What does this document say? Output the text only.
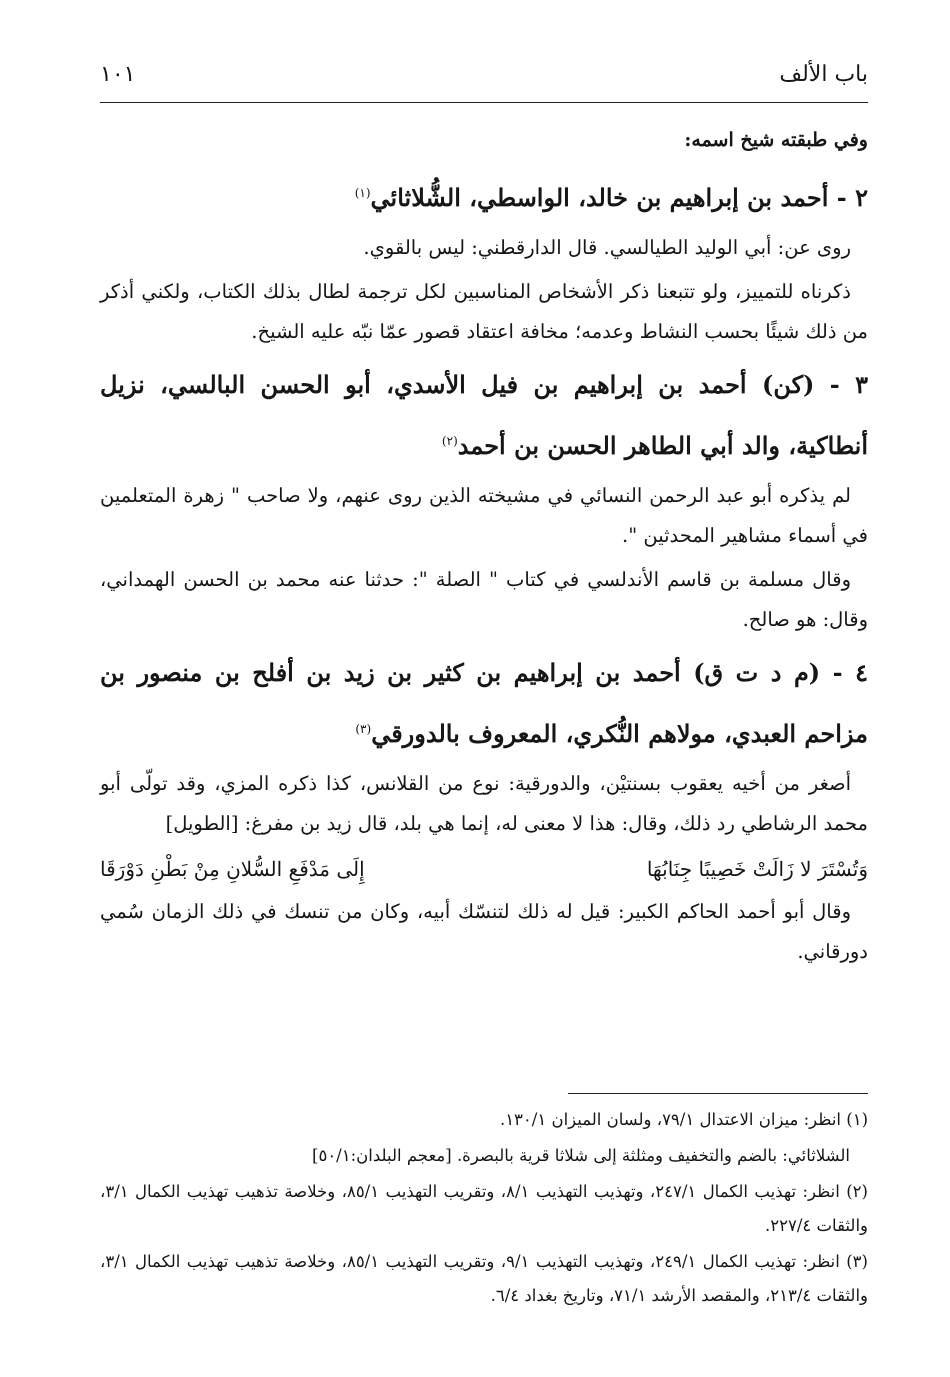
باب الألف
١٠١

وفي طبقته شيخ اسمه:

٢ - أحمد بن إبراهيم بن خالد، الواسطي، الشُّلاثائي$^{(١)}$

روى عن: أبي الوليد الطيالسي. قال الدارقطني: ليس بالقوي.

ذكرناه للتمييز، ولو تتبعنا ذكر الأشخاص المناسبين لكل ترجمة لطال بذلك الكتاب، ولكني أذكر من ذلك شيئًا بحسب النشاط وعدمه؛ مخافة اعتقاد قصور عمّا نبّه عليه الشيخ.

٣ - (كن) أحمد بن إبراهيم بن فيل الأسدي، أبو الحسن البالسي، نزيل أنطاكية، والد أبي الطاهر الحسن بن أحمد$^{(٢)}$

لم يذكره أبو عبد الرحمن النسائي في مشيخته الذين روى عنهم، ولا صاحب " زهرة المتعلمين في أسماء مشاهير المحدثين ".

وقال مسلمة بن قاسم الأندلسي في كتاب " الصلة ": حدثنا عنه محمد بن الحسن الهمداني، وقال: هو صالح.

٤ - (م د ت ق) أحمد بن إبراهيم بن كثير بن زيد بن أفلح بن منصور بن مزاحم العبدي، مولاهم النُّكري، المعروف بالدورقي$^{(٣)}$

أصغر من أخيه يعقوب بسنتيْن، والدورقية: نوع من القلانس، كذا ذكره المزي، وقد تولّى أبو محمد الرشاطي رد ذلك، وقال: هذا لا معنى له، إنما هي بلد، قال زيد بن مفرغ: [الطويل]

وَتُسْتَرَ لا زَالَتْ خَصِيبًا جِنَابُهَا
إِلَى مَدْفَعِ السُّلانِ مِنْ بَطْنِ دَوْرَقَا

وقال أبو أحمد الحاكم الكبير: قيل له ذلك لتنسّك أبيه، وكان من تنسك في ذلك الزمان سُمي دورقاني.

(١) انظر: ميزان الاعتدال ٧٩/١، ولسان الميزان ١٣٠/١.

الشلاثائي: بالضم والتخفيف ومثلثة إلى شلاثا قرية بالبصرة. [معجم البلدان:٥٠/١]

(٢) انظر: تهذيب الكمال ٢٤٧/١، وتهذيب التهذيب ٨/١، وتقريب التهذيب ٨٥/١، وخلاصة تذهيب تهذيب الكمال ٣/١، والثقات ٢٢٧/٤.

(٣) انظر: تهذيب الكمال ٢٤٩/١، وتهذيب التهذيب ٩/١، وتقريب التهذيب ٨٥/١، وخلاصة تذهيب تهذيب الكمال ٣/١، والثقات ٢١٣/٤، والمقصد الأرشد ٧١/١، وتاريخ بغداد ٦/٤.
